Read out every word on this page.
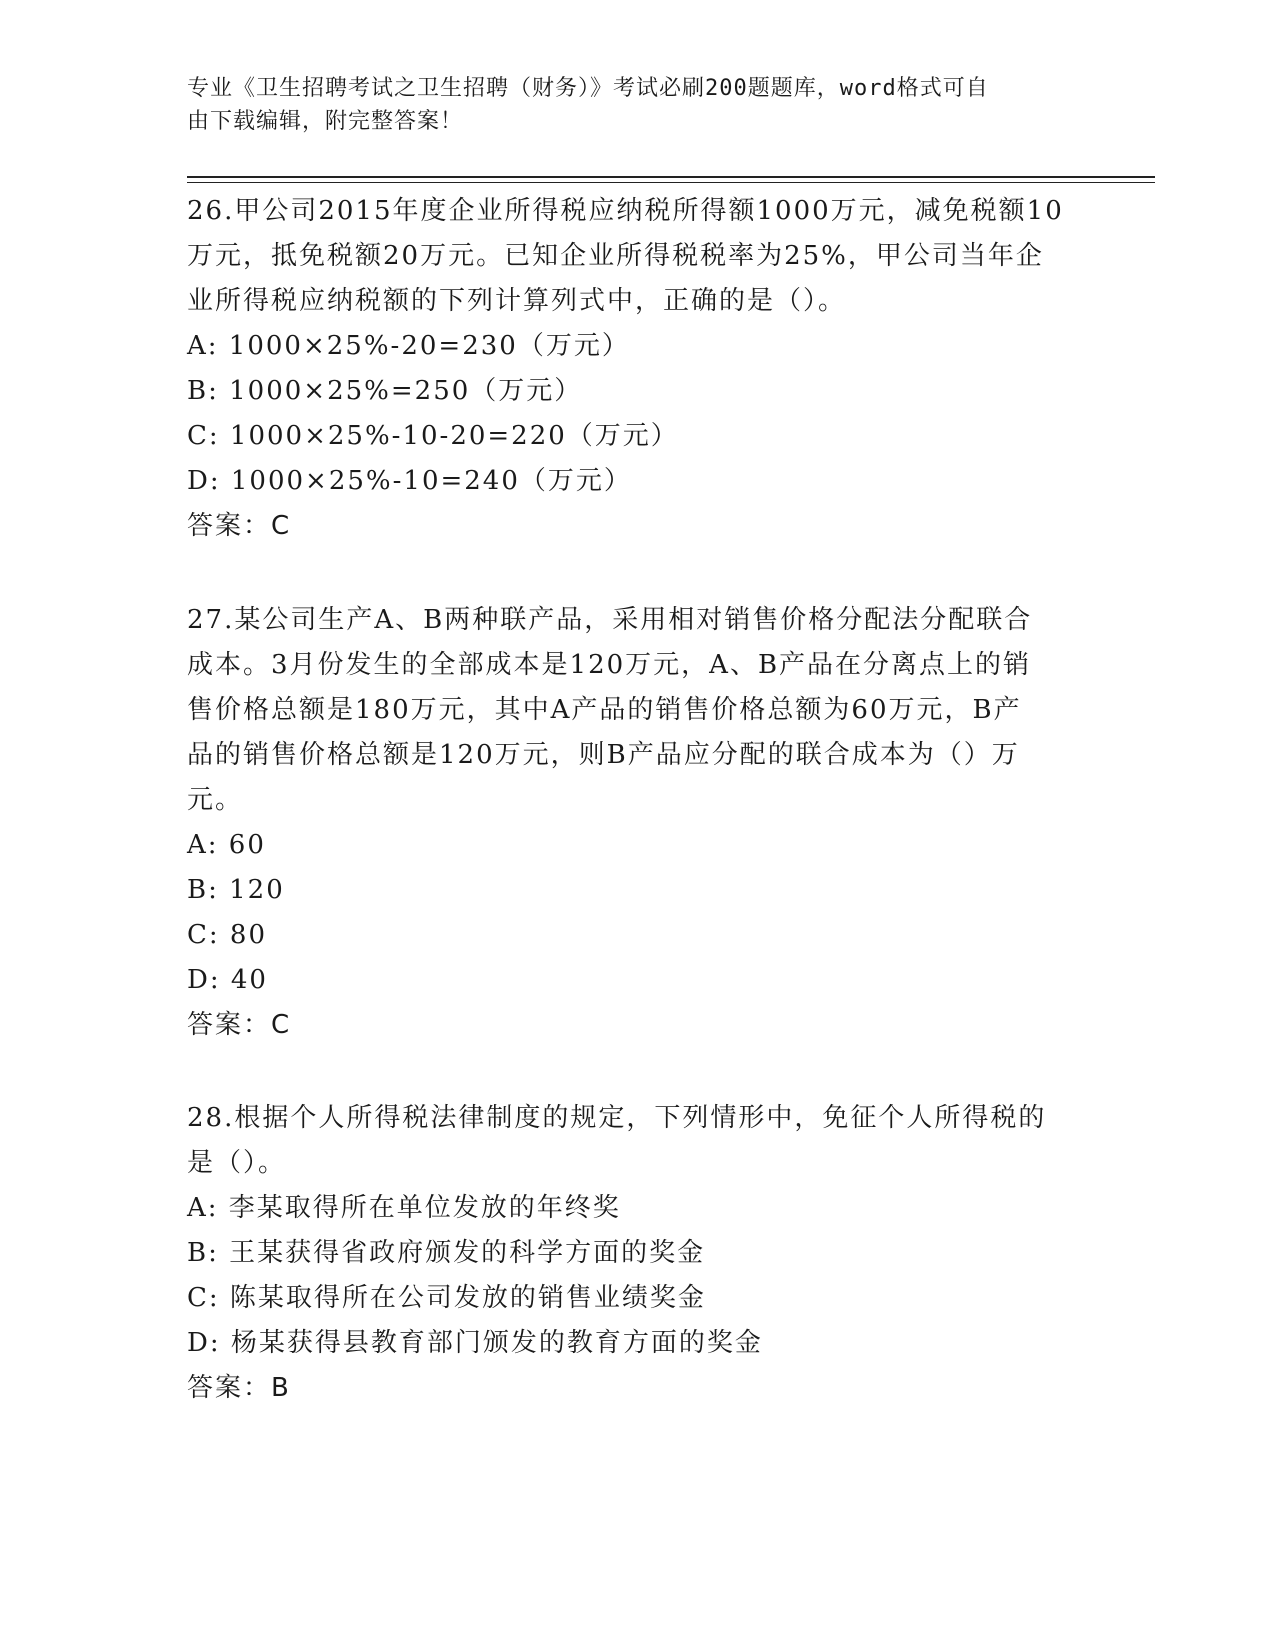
专业《卫生招聘考试之卫生招聘（财务）》考试必刷200题题库，word格式可自
由下载编辑，附完整答案！
26.甲公司2015年度企业所得税应纳税所得额1000万元，减免税额10
万元，抵免税额20万元。已知企业所得税税率为25%，甲公司当年企
业所得税应纳税额的下列计算列式中，正确的是（）。
A: 1000×25%-20=230（万元）
B: 1000×25%=250（万元）
C: 1000×25%-10-20=220（万元）
D: 1000×25%-10=240（万元）
答案：C
27.某公司生产A、B两种联产品，采用相对销售价格分配法分配联合
成本。3月份发生的全部成本是120万元，A、B产品在分离点上的销
售价格总额是180万元，其中A产品的销售价格总额为60万元，B产
品的销售价格总额是120万元，则B产品应分配的联合成本为（）万
元。
A: 60
B: 120
C: 80
D: 40
答案：C
28.根据个人所得税法律制度的规定，下列情形中，免征个人所得税的
是（）。
A: 李某取得所在单位发放的年终奖
B: 王某获得省政府颁发的科学方面的奖金
C: 陈某取得所在公司发放的销售业绩奖金
D: 杨某获得县教育部门颁发的教育方面的奖金
答案：B
